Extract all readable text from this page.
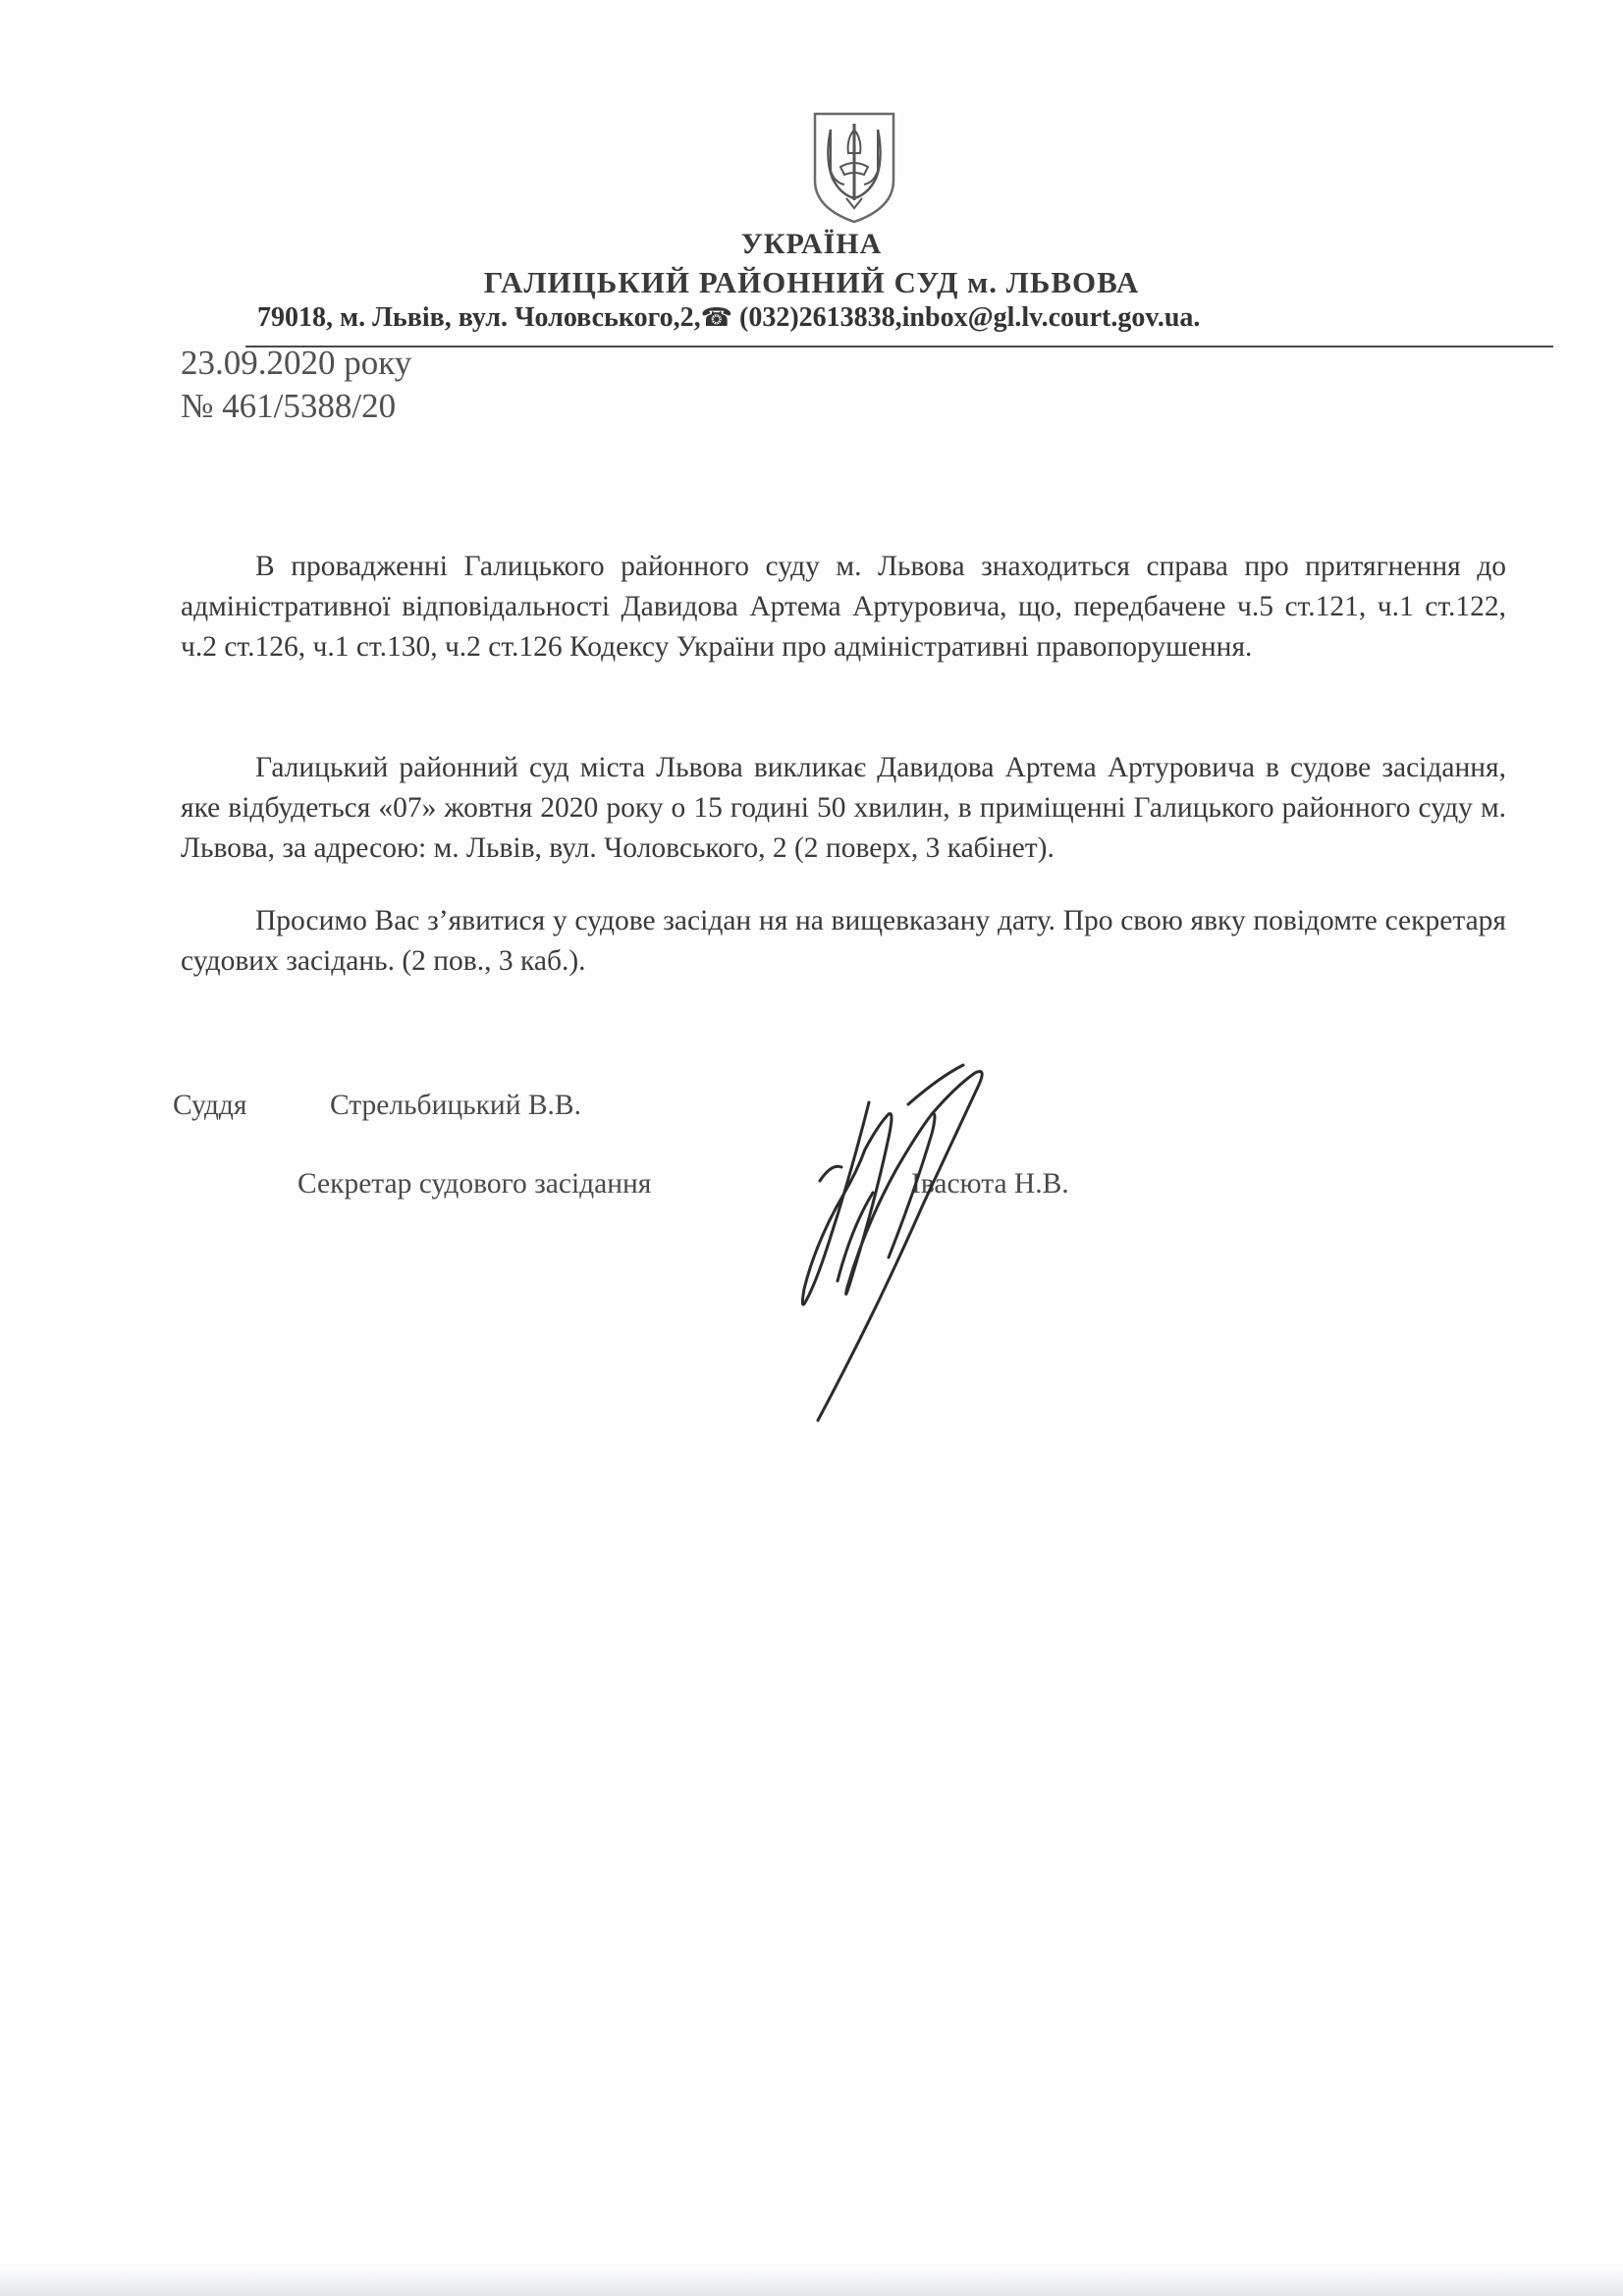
УКРАЇНА
ГАЛИЦЬКИЙ РАЙОННИЙ СУД м. ЛЬВОВА
79018, м. Львів, вул. Чоловського,2,☎ (032)2613838,inbox@gl.lv.court.gov.ua.
23.09.2020 року
№ 461/5388/20
В провадженні Галицького районного суду м. Львова знаходиться справа про притягнення до адміністративної відповідальності Давидова Артема Артуровича, що, передбачене ч.5 ст.121, ч.1 ст.122, ч.2 ст.126, ч.1 ст.130, ч.2 ст.126 Кодексу України про адміністративні правопорушення.
Галицький районний суд міста Львова викликає Давидова Артема Артуровича в судове засідання, яке відбудеться «07» жовтня 2020 року о 15 годині 50 хвилин, в приміщенні Галицького районного суду м. Львова, за адресою: м. Львів, вул. Чоловського, 2 (2 поверх, 3 кабінет).
Просимо Вас з’явитися у судове засідан ня на вищевказану дату. Про свою явку повідомте секретаря судових засідань. (2 пов., 3 каб.).
Суддя	Стрельбицький В.В.
Секретар судового засідання	Івасюта Н.В.
